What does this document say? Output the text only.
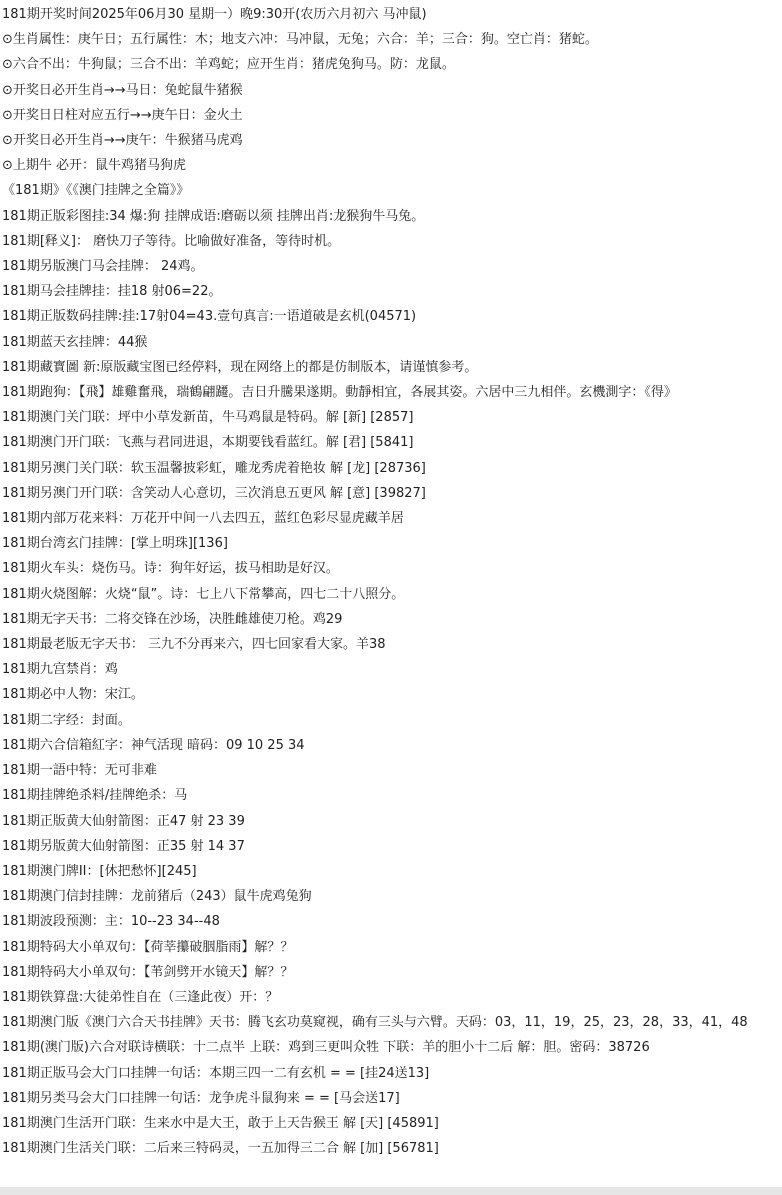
181期开奖时间2025年06月30 星期一）晚9:30开(农历六月初六 马冲鼠)
⊙生肖属性：庚午日；五行属性：木；地支六冲：马冲鼠，无兔；六合：羊；三合：狗。空亡肖：猪蛇。
⊙六合不出：牛狗鼠；三合不出：羊鸡蛇；应开生肖：猪虎兔狗马。防：龙鼠。
⊙开奖日必开生肖→→马日：兔蛇鼠牛猪猴
⊙开奖日日柱对应五行→→庚午日：金火土
⊙开奖日必开生肖→→庚午：牛猴猪马虎鸡
⊙上期牛 必开：鼠牛鸡猪马狗虎
《181期》《《澳门挂牌之全篇》》
181期正版彩图挂:34 爆:狗 挂牌成语:磨砺以须 挂牌出肖:龙猴狗牛马兔。
181期[释义]： 磨快刀子等待。比喻做好准备，等待时机。
181期另版澳门马会挂牌： 24鸡。
181期马会挂牌挂：挂18 射06=22。
181期正版数码挂牌:挂:17射04=43.壹句真言:一语道破是玄机(04571)
181期蓝天玄挂牌：44猴
181期藏寳圖 新:原版藏宝图已经停料，现在网络上的都是仿制版本，请谨慎参考。
181期跑狗：【飛】雄雞奮飛，瑞鶴翩躚。吉日升騰果遂期。動靜相宜，各展其姿。六居中三九相伴。玄機測字：《得》
181期澳门关门联：坪中小草发新苗，牛马鸡鼠是特码。解 [新] [2857]
181期澳门开门联：飞燕与君同进退，本期要钱看蓝红。解 [君] [5841]
181期另澳门关门联：软玉温馨披彩虹，雕龙秀虎着艳妆 解 [龙] [28736]
181期另澳门开门联：含笑动人心意切，三次消息五更风 解 [意] [39827]
181期内部万花来料：万花开中间一八去四五，蓝红色彩尽显虎藏羊居
181期台湾玄门挂牌：[掌上明珠][136]
181期火车头：烧伤马。诗：狗年好运，拔马相助是好汉。
181期火烧图解：火烧“鼠”。诗：七上八下常攀高，四七二十八照分。
181期无字天书：二将交锋在沙场，决胜雌雄使刀枪。鸡29
181期最老版无字天书： 三九不分再来六，四七回家看大家。羊38
181期九宫禁肖：鸡
181期必中人物：宋江。
181期二字经：封面。
181期六合信箱紅字：神气活现 暗码：09 10 25 34
181期一語中特：无可非难
181期挂牌绝杀料/挂牌绝杀：马
181期正版黄大仙射箭图：正47 射 23 39
181期另版黄大仙射箭图：正35 射 14 37
181期澳门牌II：[休把愁怀][245]
181期澳门信封挂牌：龙前猪后（243）鼠牛虎鸡兔狗
181期波段预测：主：10--23 34--48
181期特码大小单双句：【荷莘攥破胭脂雨】解？？
181期特码大小单双句：【苇剑劈开水镜天】解？？
181期铁算盘:大徒弟性自在（三逢此夜）开：？
181期澳门版《澳门六合天书挂牌》天书：腾飞玄功莫窥视，确有三头与六臂。天码：03，11，19，25，23，28，33，41，48
181期(澳门版)六合对联诗横联：十二点半 上联：鸡到三更叫众牲 下联：羊的胆小十二后 解：胆。密码：38726
181期正版马会大门口挂牌一句话：本期三四一二有玄机 = = [挂24送13]
181期另类马会大门口挂牌一句话：龙争虎斗鼠狗来 = = [马会送17]
181期澳门生活开门联：生来水中是大王，敢于上天告猴王 解 [天] [45891]
181期澳门生活关门联：二后来三特码灵，一五加得三二合 解 [加] [56781]
